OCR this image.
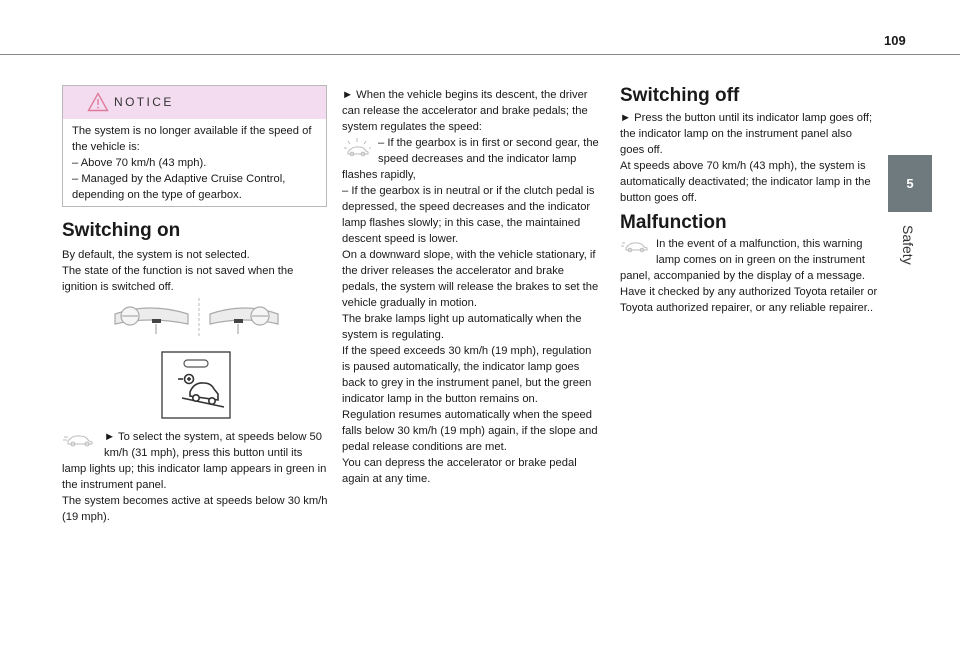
109
5
Safety
NOTICE

The system is no longer available if the speed of the vehicle is:

– Above 70 km/h (43 mph).

– Managed by the Adaptive Cruise Control, depending on the type of gearbox.

Switching on

By default, the system is not selected.

The state of the function is not saved when the ignition is switched off.

► To select the system, at speeds below 50 km/h (31 mph), press this button until its lamp lights up; this indicator lamp appears in green in the instrument panel.

The system becomes active at speeds below 30 km/h (19 mph).

► When the vehicle begins its descent, the driver can release the accelerator and brake pedals; the system regulates the speed:

– If the gearbox is in first or second gear, the speed decreases and the indicator lamp flashes rapidly,

– If the gearbox is in neutral or if the clutch pedal is depressed, the speed decreases and the indicator lamp flashes slowly; in this case, the maintained descent speed is lower.

On a downward slope, with the vehicle stationary, if the driver releases the accelerator and brake pedals, the system will release the brakes to set the vehicle gradually in motion.

The brake lamps light up automatically when the system is regulating.

If the speed exceeds 30 km/h (19 mph), regulation is paused automatically, the indicator lamp goes back to grey in the instrument panel, but the green indicator lamp in the button remains on.

Regulation resumes automatically when the speed falls below 30 km/h (19 mph) again, if the slope and pedal release conditions are met.

You can depress the accelerator or brake pedal again at any time.

Switching off

► Press the button until its indicator lamp goes off; the indicator lamp on the instrument panel also goes off.

At speeds above 70 km/h (43 mph), the system is automatically deactivated; the indicator lamp in the button goes off.

Malfunction

In the event of a malfunction, this warning lamp comes on in green on the instrument panel, accompanied by the display of a message.

Have it checked by any authorized Toyota retailer or Toyota authorized repairer, or any reliable repairer..
